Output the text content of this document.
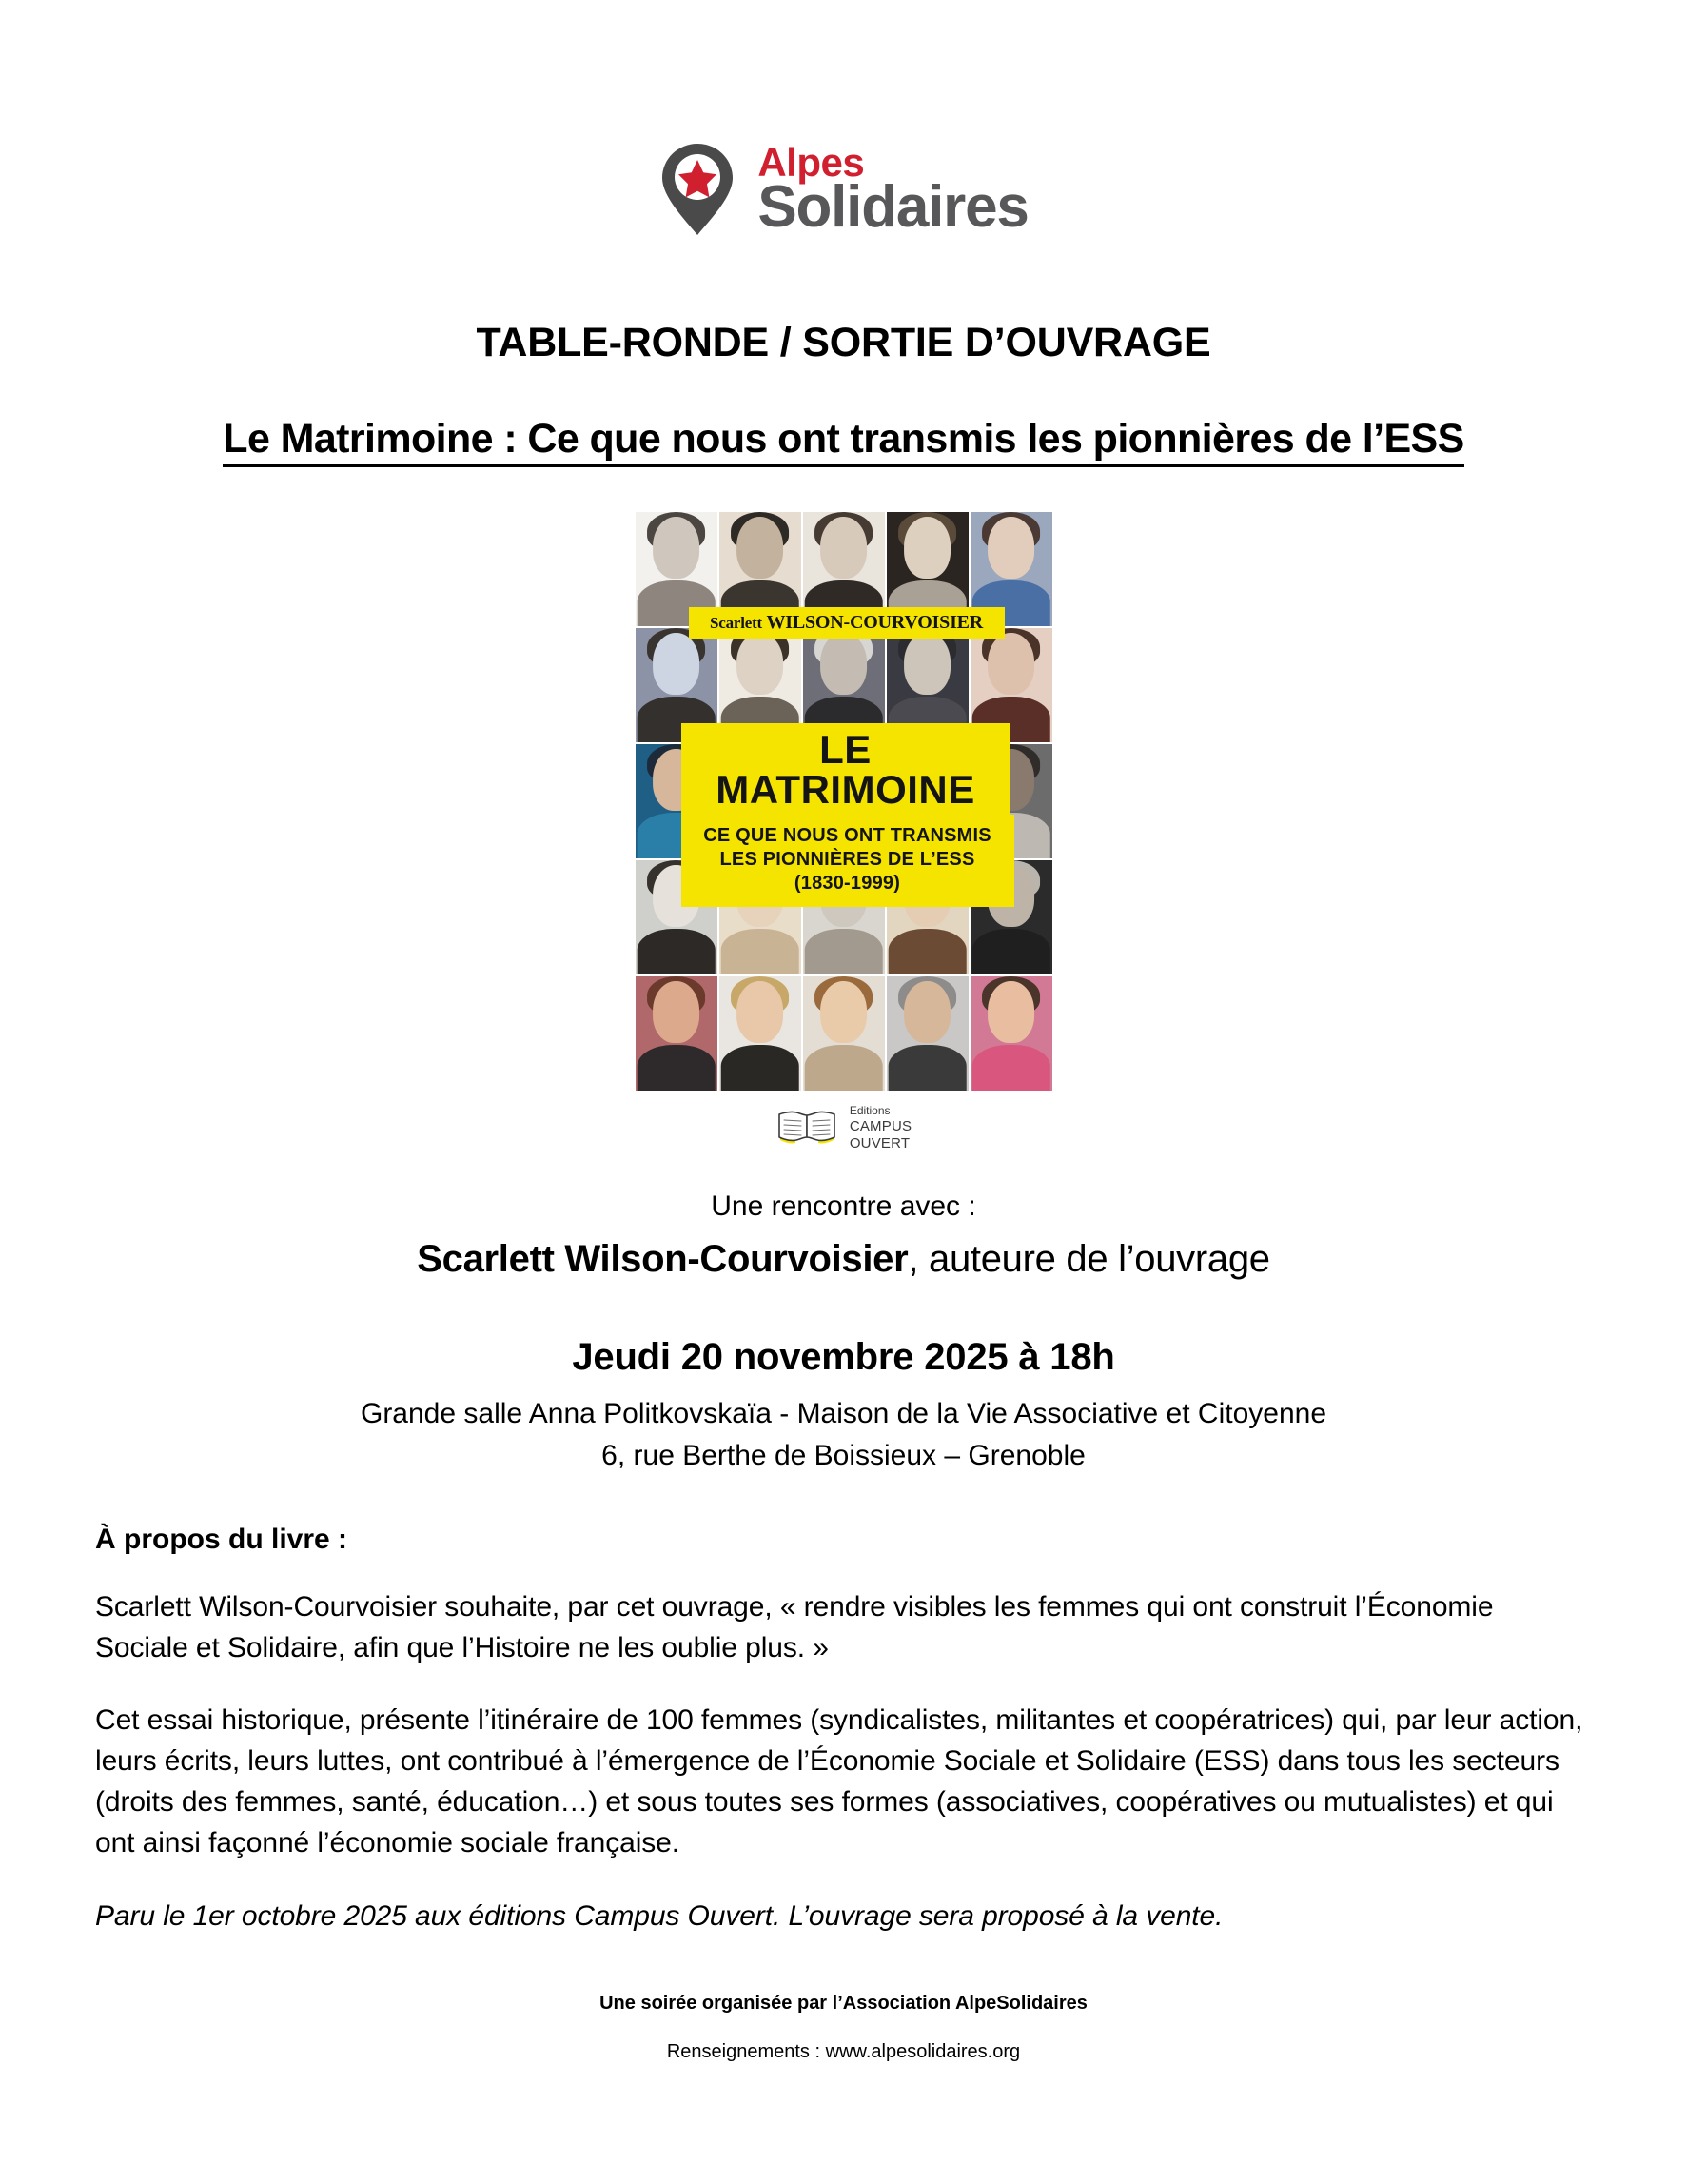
Alpes
Solidaires
TABLE-RONDE / SORTIE D’OUVRAGE
Le Matrimoine : Ce que nous ont transmis les pionnières de l’ESS
Scarlett WILSON-COURVOISIER
LE MATRIMOINE
CE QUE NOUS ONT TRANSMIS
LES PIONNIÈRES DE L’ESS
(1830-1999)
Editions
CAMPUS
OUVERT
Une rencontre avec :
Scarlett Wilson-Courvoisier, auteure de l’ouvrage
Jeudi 20 novembre 2025 à 18h
Grande salle Anna Politkovskaïa - Maison de la Vie Associative et Citoyenne
6, rue Berthe de Boissieux – Grenoble
À propos du livre :
Scarlett Wilson-Courvoisier souhaite, par cet ouvrage, « rendre visibles les femmes qui ont construit l’Économie Sociale et Solidaire, afin que l’Histoire ne les oublie plus. »
Cet essai historique, présente l’itinéraire de 100 femmes (syndicalistes, militantes et coopératrices) qui, par leur action, leurs écrits, leurs luttes, ont contribué à l’émergence de l’Économie Sociale et Solidaire (ESS) dans tous les secteurs (droits des femmes, santé, éducation…) et sous toutes ses formes (associatives, coopératives ou mutualistes) et qui ont ainsi façonné l’économie sociale française.
Paru le 1er octobre 2025 aux éditions Campus Ouvert. L’ouvrage sera proposé à la vente.
Une soirée organisée par l’Association AlpeSolidaires
Renseignements : www.alpesolidaires.org
